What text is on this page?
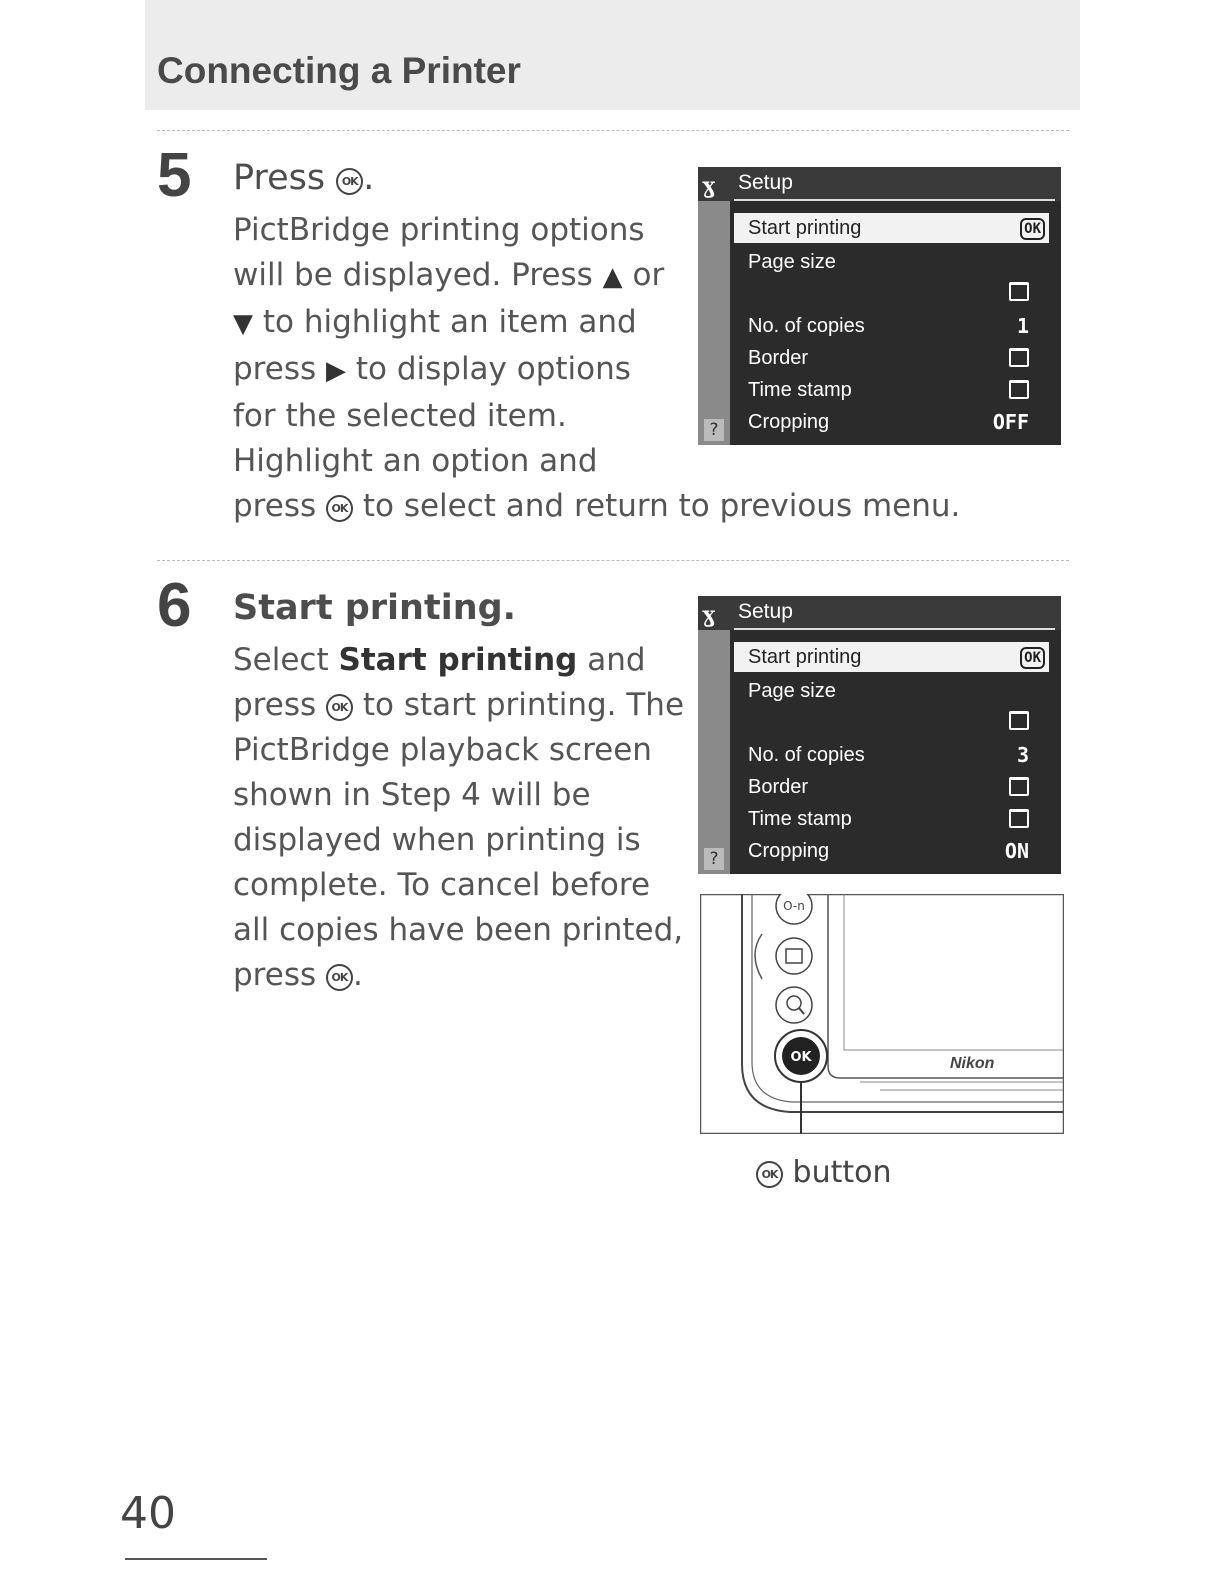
Connecting a Printer
5 Press OK .

PictBridge printing options
will be displayed. Press ▲ or
▼ to highlight an item and
press ▶ to display options
for the selected item.
Highlight an option and
press OK to select and return to previous menu.
ɣ	Setup
Start printing	OK
Page size
No. of copies	1
Border
Time stamp
Cropping	OFF
?
6 Start printing.

Select Start printing and
press OK to start printing. The
PictBridge playback screen
shown in Step 4 will be
displayed when printing is
complete. To cancel before
all copies have been printed,
press OK .
ɣ	Setup
Start printing	OK
Page size
No. of copies	3
Border
Time stamp
Cropping	ON
?
O-n
OK	Nikon

OK button

40
